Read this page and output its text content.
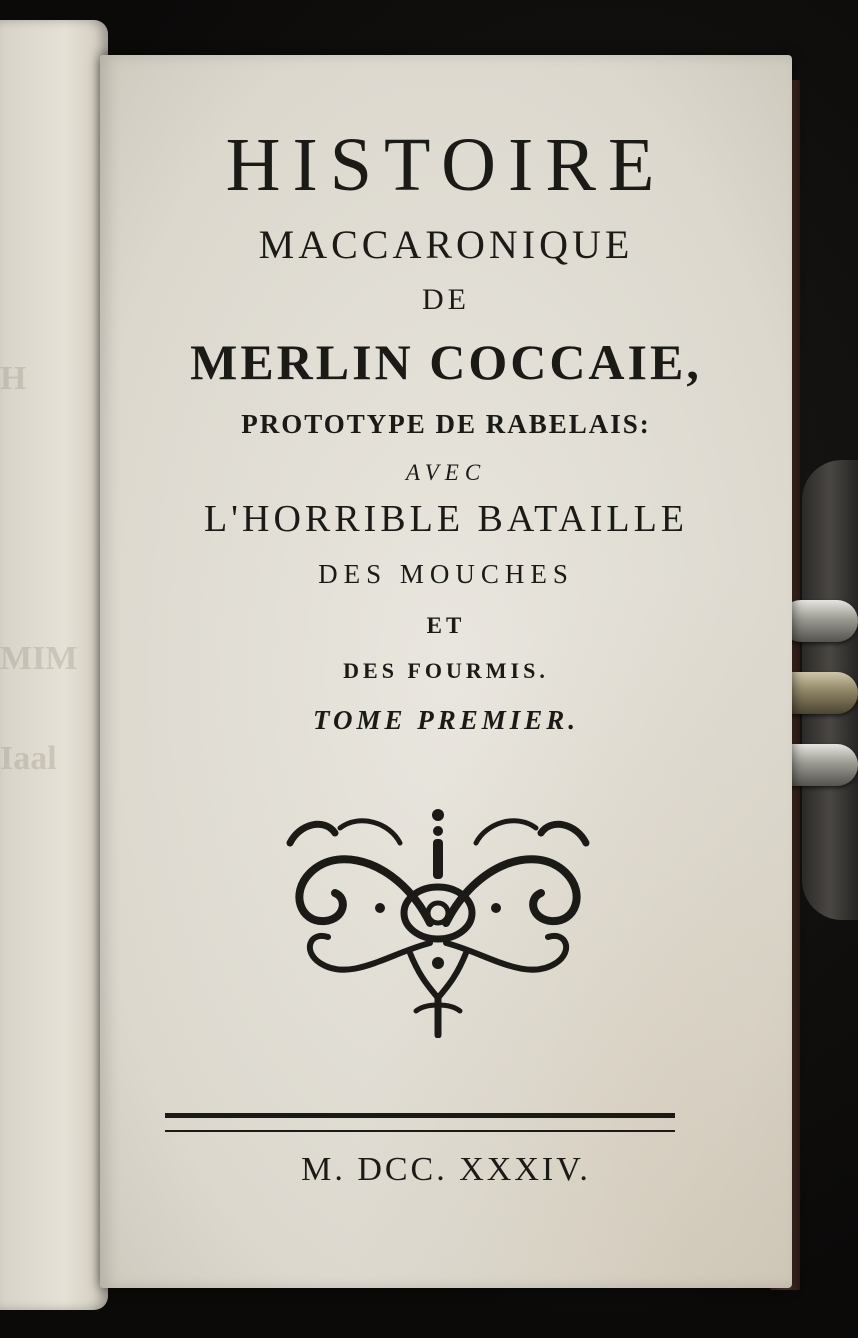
H
MIM
Iaal
HISTOIRE
MACCARONIQUE
DE
MERLIN COCCAIE,
PROTOTYPE DE RABELAIS:
AVEC
L'HORRIBLE BATAILLE
DES MOUCHES
ET
DES FOURMIS.
TOME PREMIER.
M. DCC. XXXIV.
